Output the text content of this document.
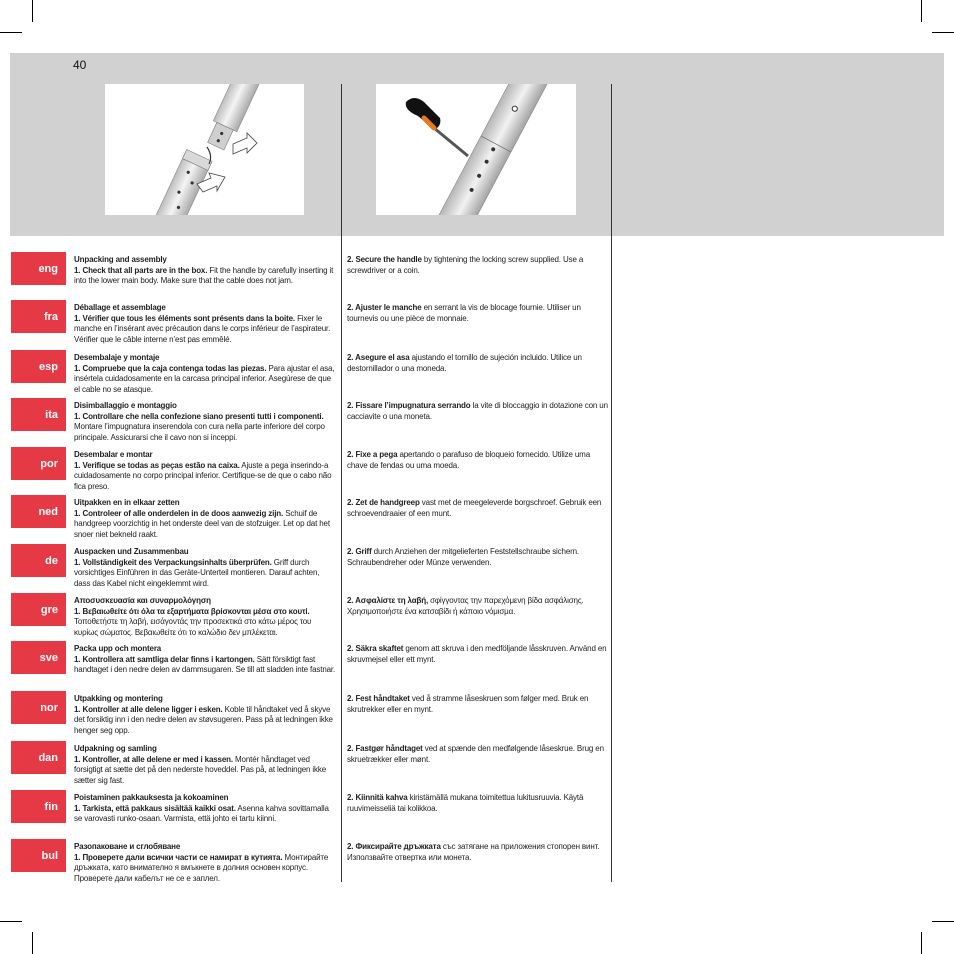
40
eng
Unpacking and assembly
1. Check that all parts are in the box. Fit the handle by carefully inserting it into the lower main body. Make sure that the cable does not jam.
2. Secure the handle by tightening the locking screw supplied. Use a screwdriver or a coin.
fra
Déballage et assemblage
1. Vérifier que tous les éléments sont présents dans la boite. Fixer le manche en l’insérant avec précaution dans le corps inférieur de l’aspirateur. Vérifier que le câble interne n’est pas emmêlé.
2. Ajuster le manche en serrant la vis de blocage fournie. Utiliser un tournevis ou une pièce de monnaie.
esp
Desembalaje y montaje
1. Compruebe que la caja contenga todas las piezas. Para ajustar el asa, insértela cuidadosamente en la carcasa principal inferior. Asegúrese de que el cable no se atasque.
2. Asegure el asa ajustando el tornillo de sujeción incluido. Utilice un destornillador o una moneda.
ita
Disimballaggio e montaggio
1. Controllare che nella confezione siano presenti tutti i componenti. Montare l’impugnatura inserendola con cura nella parte inferiore del corpo principale. Assicurarsi che il cavo non si inceppi.
2. Fissare l’impugnatura serrando la vite di bloccaggio in dotazione con un cacciavite o una moneta.
por
Desembalar e montar
1. Verifique se todas as peças estão na caixa. Ajuste a pega inserindo-a cuidadosamente no corpo principal inferior. Certifique-se de que o cabo não fica preso.
2. Fixe a pega apertando o parafuso de bloqueio fornecido. Utilize uma chave de fendas ou uma moeda.
ned
Uitpakken en in elkaar zetten
1. Controleer of alle onderdelen in de doos aanwezig zijn. Schuif de handgreep voorzichtig in het onderste deel van de stofzuiger. Let op dat het snoer niet bekneld raakt.
2. Zet de handgreep vast met de meegeleverde borgschroef. Gebruik een schroevendraaier of een munt.
de
Auspacken und Zusammenbau
1. Vollständigkeit des Verpackungsinhalts überprüfen. Griff durch vorsichtiges Einführen in das Geräte-Unterteil montieren. Darauf achten, dass das Kabel nicht eingeklemmt wird.
2. Griff durch Anziehen der mitgelieferten Feststellschraube sichern. Schraubendreher oder Münze verwenden.
gre
Αποσυσκευασία και συναρμολόγηση
1. Βεβαιωθείτε ότι όλα τα εξαρτήματα βρίσκονται μέσα στο κουτί. Τοποθετήστε τη λαβή, εισάγοντάς την προσεκτικά στο κάτω μέρος του κυρίως σώματος. Βεβαιωθείτε ότι το καλώδιο δεν μπλέκεται.
2. Ασφαλίστε τη λαβή, σφίγγοντας την παρεχόμενη βίδα ασφάλισης. Χρησιμοποιήστε ένα κατσαβίδι ή κάποιο νόμισμα.
sve
Packa upp och montera
1. Kontrollera att samtliga delar finns i kartongen. Sätt försiktigt fast handtaget i den nedre delen av dammsugaren. Se till att sladden inte fastnar.
2. Säkra skaftet genom att skruva i den medföljande låsskruven. Använd en skruvmejsel eller ett mynt.
nor
Utpakking og montering
1. Kontroller at alle delene ligger i esken. Koble til håndtaket ved å skyve det forsiktig inn i den nedre delen av støvsugeren. Pass på at ledningen ikke henger seg opp.
2. Fest håndtaket ved å stramme låseskruen som følger med. Bruk en skrutrekker eller en mynt.
dan
Udpakning og samling
1. Kontroller, at alle delene er med i kassen. Montér håndtaget ved forsigtigt at sætte det på den nederste hoveddel. Pas på, at ledningen ikke sætter sig fast.
2. Fastgør håndtaget ved at spænde den medfølgende låseskrue. Brug en skruetrækker eller mønt.
fin
Poistaminen pakkauksesta ja kokoaminen
1. Tarkista, että pakkaus sisältää kaikki osat. Asenna kahva sovittamalla se varovasti runko-osaan. Varmista, että johto ei tartu kiinni.
2. Kiinnitä kahva kiristämällä mukana toimitettua lukitusruuvia. Käytä ruuvimeisseliä tai kolikkoa.
bul
Разопаковане и сглобяване
1. Проверете дали всички части се намират в кутията. Монтирайте дръжката, като внимателно я вмъкнете в долния основен корпус. Проверете дали кабелът не се е заплел.
2. Фиксирайте дръжката със затягане на приложения стопорен винт. Използвайте отвертка или монета.
